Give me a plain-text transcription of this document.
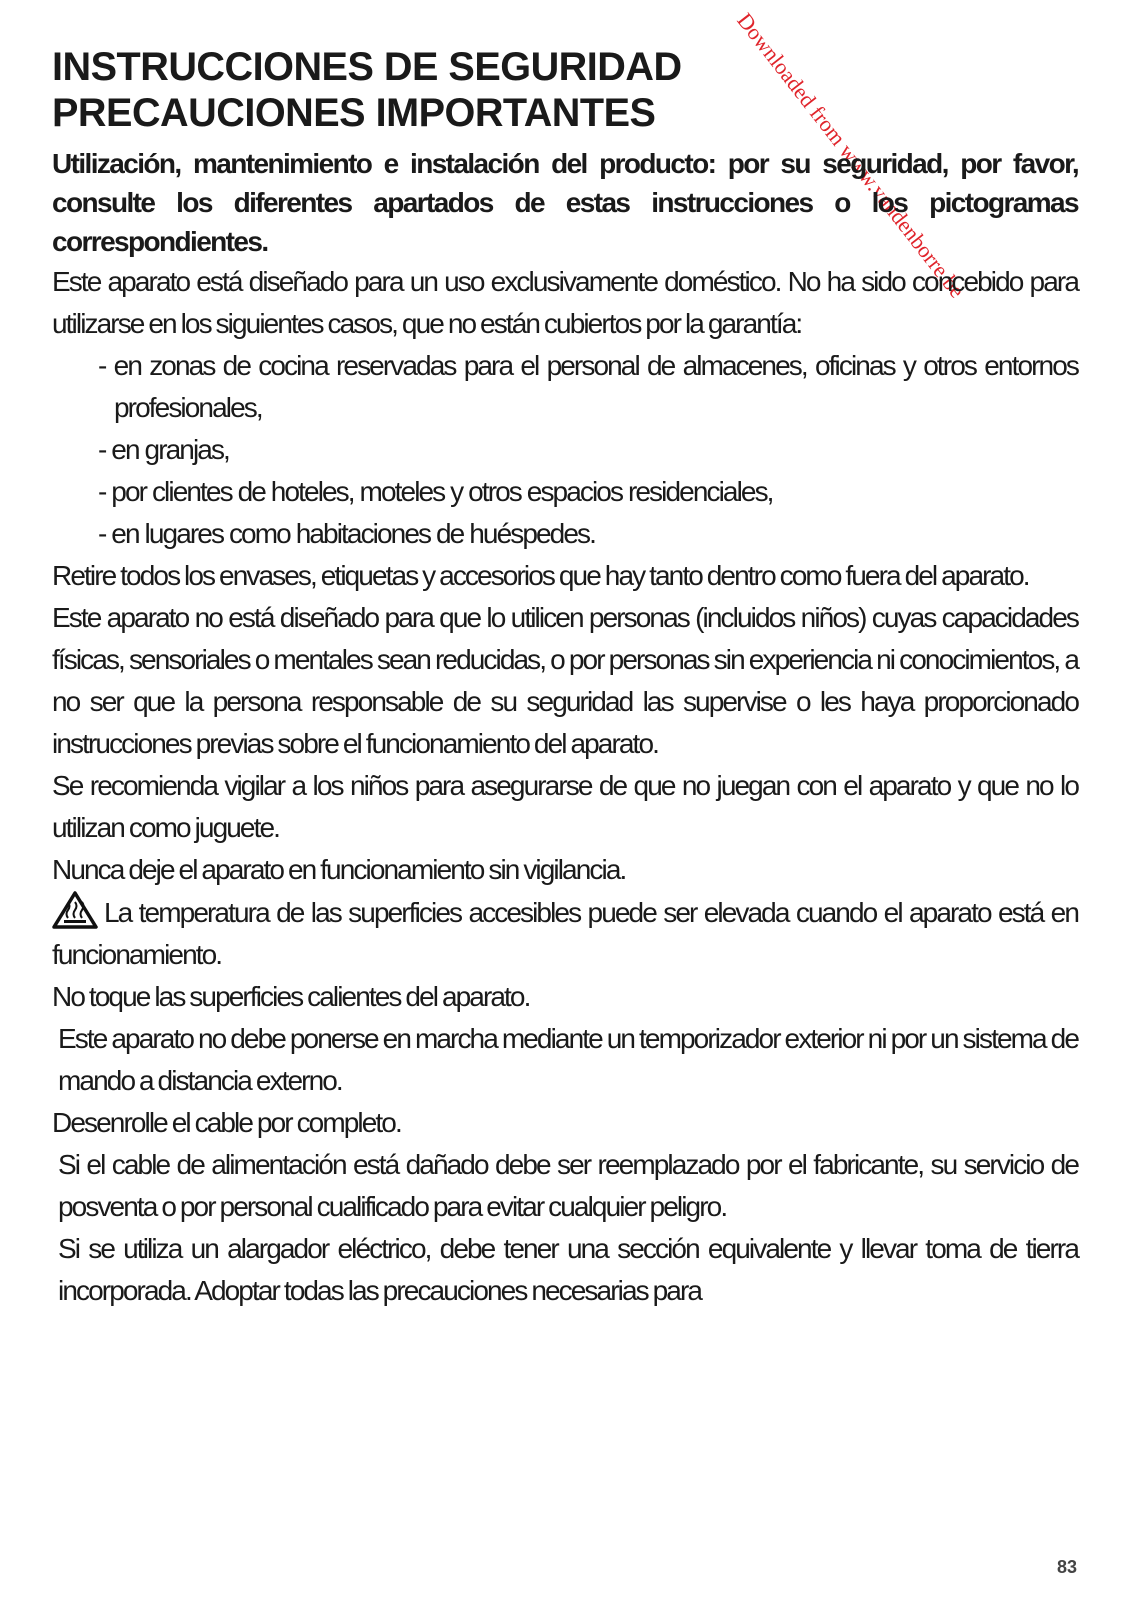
Downloaded from www.vandenborre.be
INSTRUCCIONES DE SEGURIDAD
PRECAUCIONES IMPORTANTES

Utilización, mantenimiento e instalación del producto: por su seguridad, por favor, consulte los diferentes apartados de estas instrucciones o los pictogramas correspondientes.

Este aparato está diseñado para un uso exclusivamente doméstico. No ha sido concebido para utilizarse en los siguientes casos, que no están cubiertos por la garantía:

- en zonas de cocina reservadas para el personal de almacenes, oficinas y otros entornos profesionales,
- en granjas,
- por clientes de hoteles, moteles y otros espacios residenciales,
- en lugares como habitaciones de huéspedes.

Retire todos los envases, etiquetas y accesorios que hay tanto dentro como fuera del aparato.

Este aparato no está diseñado para que lo utilicen personas (incluidos niños) cuyas capacidades físicas, sensoriales o mentales sean reducidas, o por personas sin experiencia ni conocimientos, a no ser que la persona responsable de su seguridad las supervise o les haya proporcionado instrucciones previas sobre el funcionamiento del aparato.

Se recomienda vigilar a los niños para asegurarse de que no juegan con el aparato y que no lo utilizan como juguete.

Nunca deje el aparato en funcionamiento sin vigilancia.

La temperatura de las superficies accesibles puede ser elevada cuando el aparato está en funcionamiento.

No toque las superficies calientes del aparato.

Este aparato no debe ponerse en marcha mediante un temporizador exterior ni por un sistema de mando a distancia externo.

Desenrolle el cable por completo.

Si el cable de alimentación está dañado debe ser reemplazado por el fabricante, su servicio de posventa o por personal cualificado para evitar cualquier peligro.

Si se utiliza un alargador eléctrico, debe tener una sección equivalente y llevar toma de tierra incorporada. Adoptar todas las precauciones necesarias para

83
